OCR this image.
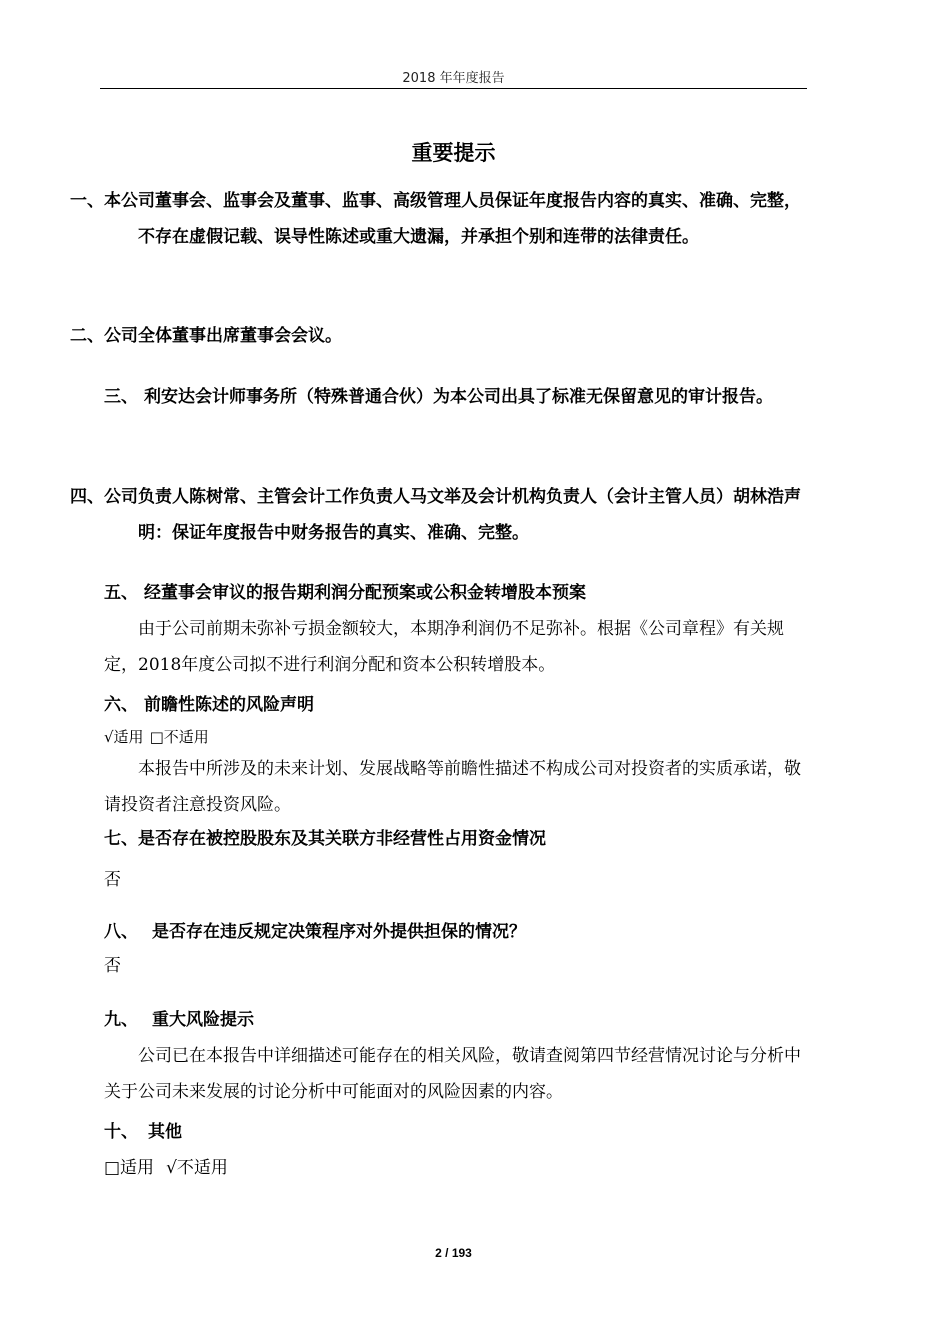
2018 年年度报告
重要提示
一、本公司董事会、监事会及董事、监事、高级管理人员保证年度报告内容的真实、准确、完整，不存在虚假记载、误导性陈述或重大遗漏，并承担个别和连带的法律责任。
二、公司全体董事出席董事会会议。
三、 利安达会计师事务所（特殊普通合伙）为本公司出具了标准无保留意见的审计报告。
四、公司负责人陈树常、主管会计工作负责人马文举及会计机构负责人（会计主管人员）胡林浩声明：保证年度报告中财务报告的真实、准确、完整。
五、 经董事会审议的报告期利润分配预案或公积金转增股本预案
由于公司前期未弥补亏损金额较大，本期净利润仍不足弥补。根据《公司章程》有关规定，2018年度公司拟不进行利润分配和资本公积转增股本。
六、 前瞻性陈述的风险声明
√适用 □不适用
本报告中所涉及的未来计划、发展战略等前瞻性描述不构成公司对投资者的实质承诺，敬请投资者注意投资风险。
七、是否存在被控股股东及其关联方非经营性占用资金情况
否
八、 是否存在违反规定决策程序对外提供担保的情况？
否
九、 重大风险提示
公司已在本报告中详细描述可能存在的相关风险，敬请查阅第四节经营情况讨论与分析中关于公司未来发展的讨论分析中可能面对的风险因素的内容。
十、 其他
□适用 √不适用
2 / 193
